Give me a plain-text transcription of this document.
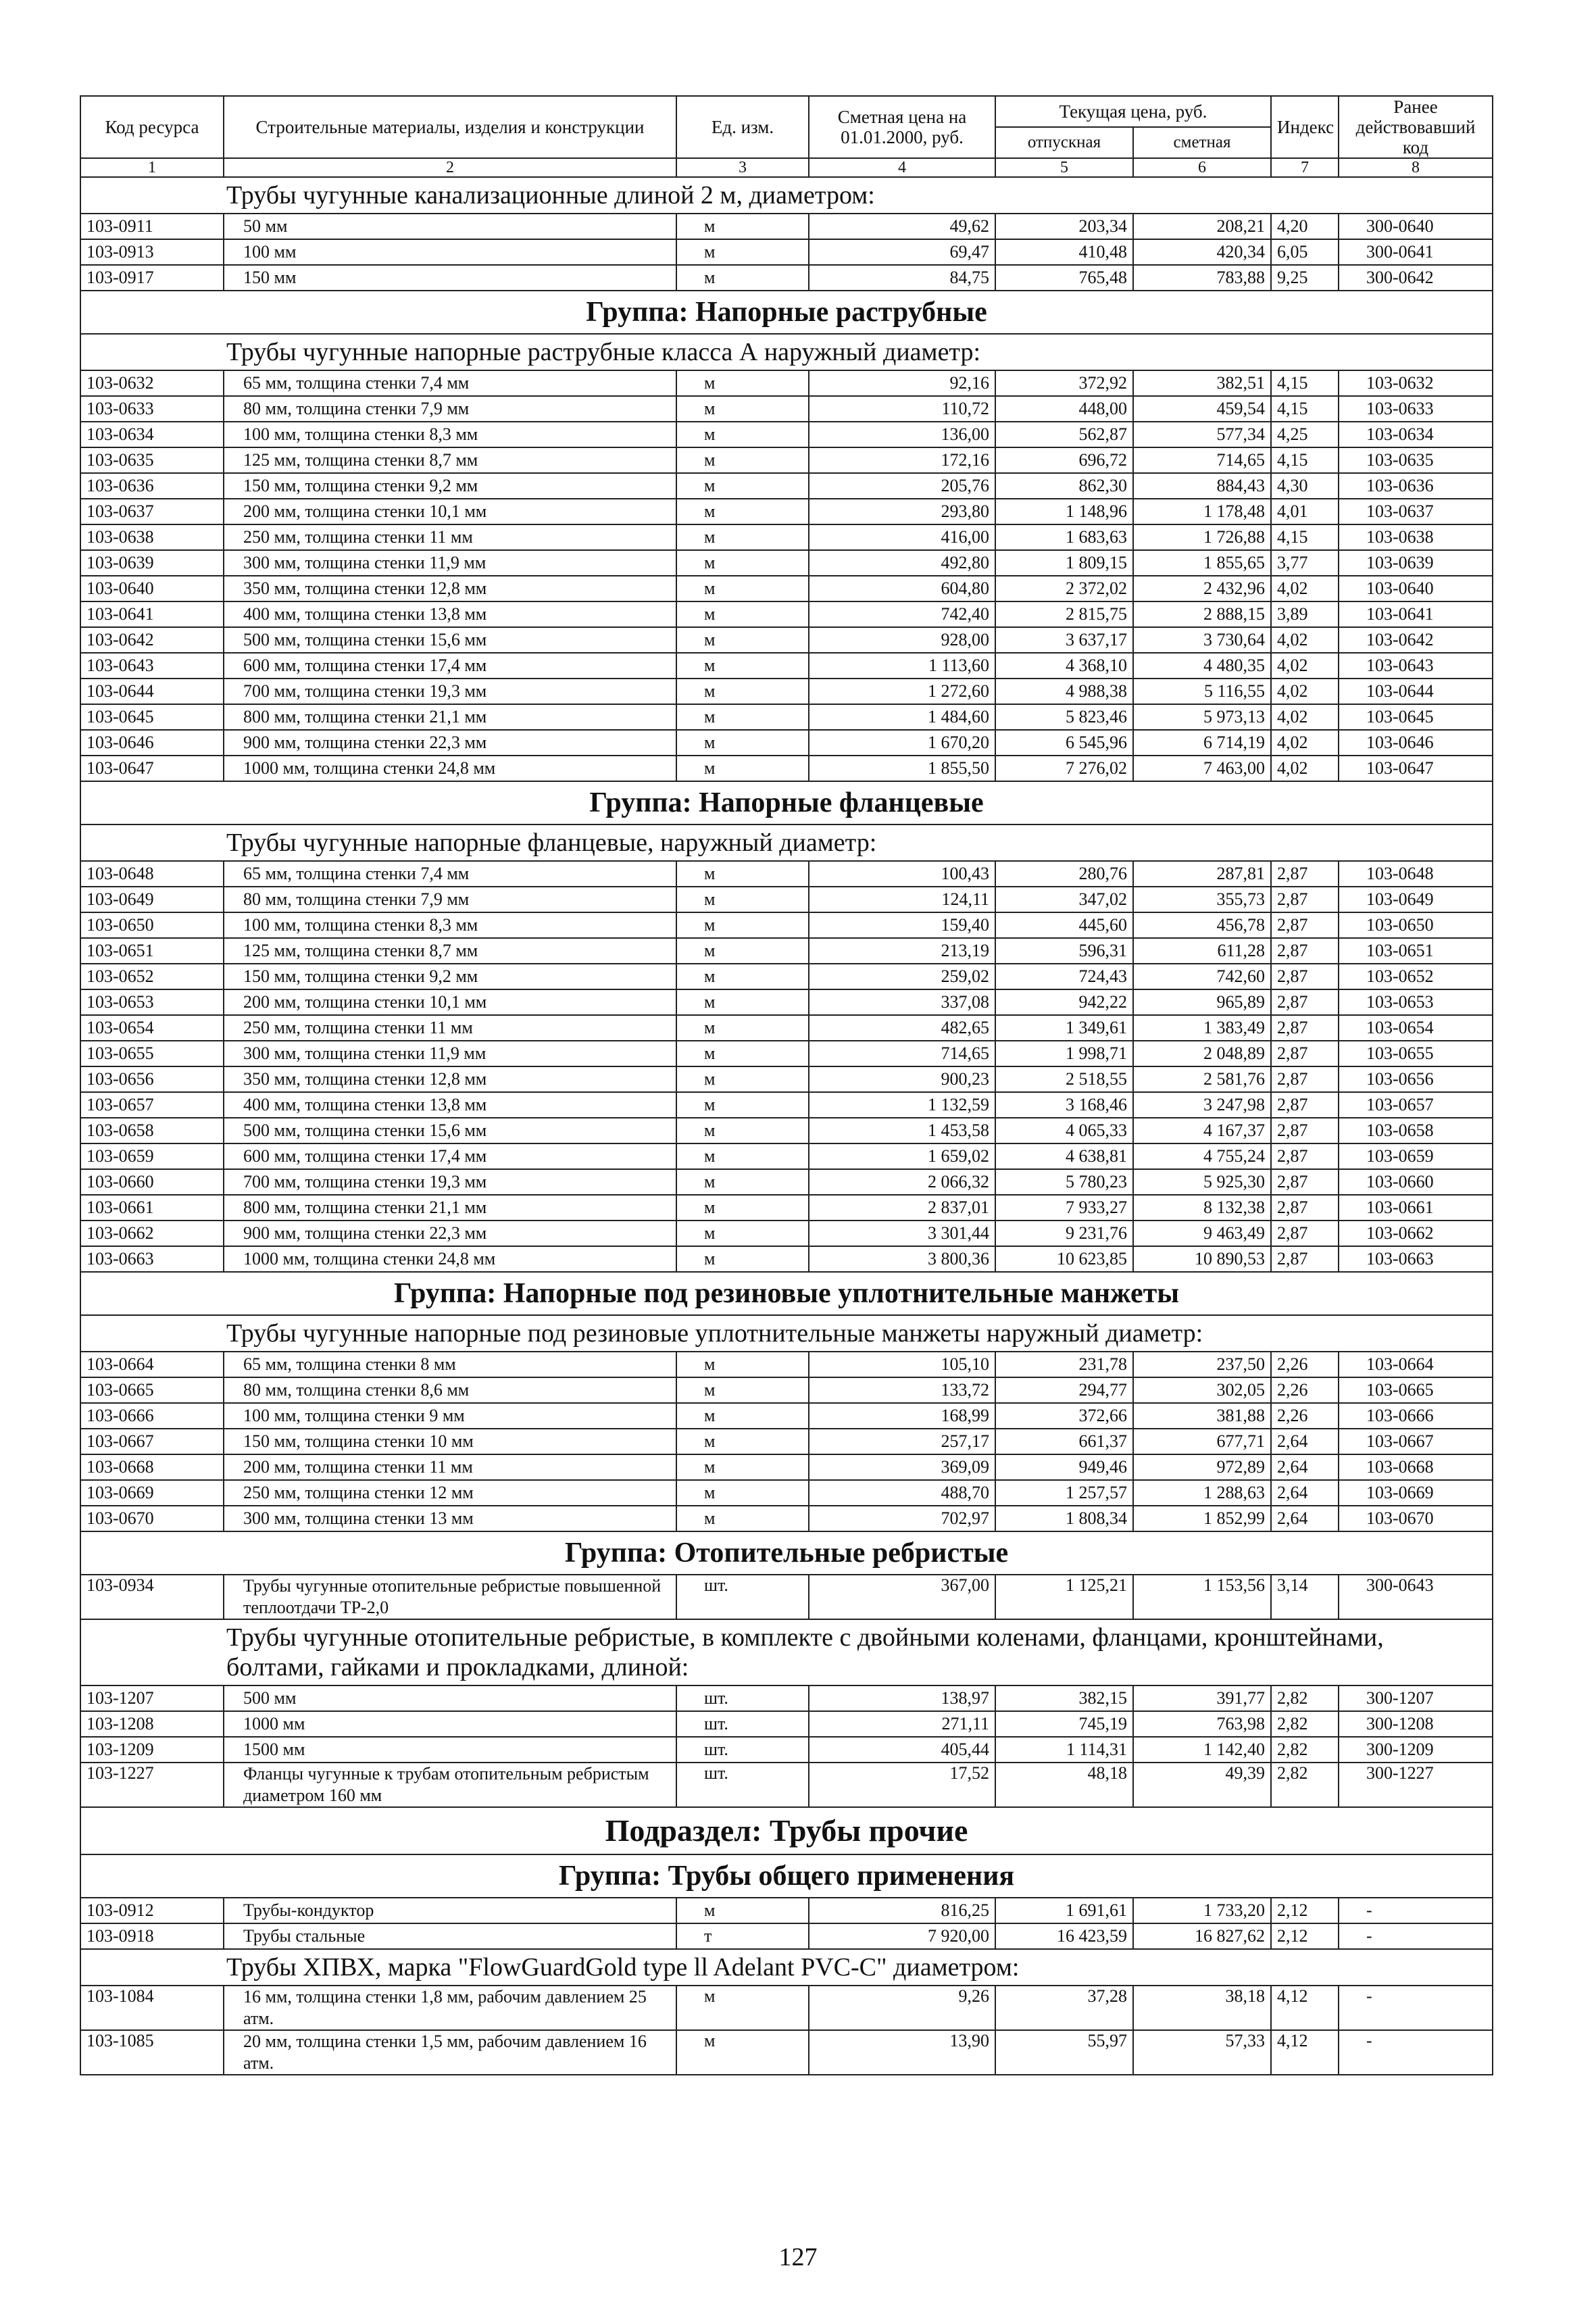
Код ресурса	Строительные материалы, изделия и конструкции	Ед. изм.	Сметная цена на 01.01.2000, руб.	Текущая цена, руб.		Индекс	Ранее действовавший код
				отпускная	сметная		
1	2	3	4	5	6	7	8
Трубы чугунные канализационные длиной 2 м, диаметром:							
103-0911	50 мм	м	49,62	203,34	208,21	4,20	300-0640
103-0913	100 мм	м	69,47	410,48	420,34	6,05	300-0641
103-0917	150 мм	м	84,75	765,48	783,88	9,25	300-0642
Группа: Напорные раструбные							
Трубы чугунные напорные раструбные класса А наружный диаметр:							
103-0632	65 мм, толщина стенки 7,4 мм	м	92,16	372,92	382,51	4,15	103-0632
103-0633	80 мм, толщина стенки 7,9 мм	м	110,72	448,00	459,54	4,15	103-0633
103-0634	100 мм, толщина стенки 8,3 мм	м	136,00	562,87	577,34	4,25	103-0634
103-0635	125 мм, толщина стенки 8,7 мм	м	172,16	696,72	714,65	4,15	103-0635
103-0636	150 мм, толщина стенки 9,2 мм	м	205,76	862,30	884,43	4,30	103-0636
103-0637	200 мм, толщина стенки 10,1 мм	м	293,80	1 148,96	1 178,48	4,01	103-0637
103-0638	250 мм, толщина стенки 11 мм	м	416,00	1 683,63	1 726,88	4,15	103-0638
103-0639	300 мм, толщина стенки 11,9 мм	м	492,80	1 809,15	1 855,65	3,77	103-0639
103-0640	350 мм, толщина стенки 12,8 мм	м	604,80	2 372,02	2 432,96	4,02	103-0640
103-0641	400 мм, толщина стенки 13,8 мм	м	742,40	2 815,75	2 888,15	3,89	103-0641
103-0642	500 мм, толщина стенки 15,6 мм	м	928,00	3 637,17	3 730,64	4,02	103-0642
103-0643	600 мм, толщина стенки 17,4 мм	м	1 113,60	4 368,10	4 480,35	4,02	103-0643
103-0644	700 мм, толщина стенки 19,3 мм	м	1 272,60	4 988,38	5 116,55	4,02	103-0644
103-0645	800 мм, толщина стенки 21,1 мм	м	1 484,60	5 823,46	5 973,13	4,02	103-0645
103-0646	900 мм, толщина стенки 22,3 мм	м	1 670,20	6 545,96	6 714,19	4,02	103-0646
103-0647	1000 мм, толщина стенки 24,8 мм	м	1 855,50	7 276,02	7 463,00	4,02	103-0647
Группа: Напорные фланцевые							
Трубы чугунные напорные фланцевые, наружный диаметр:							
103-0648	65 мм, толщина стенки 7,4 мм	м	100,43	280,76	287,81	2,87	103-0648
103-0649	80 мм, толщина стенки 7,9 мм	м	124,11	347,02	355,73	2,87	103-0649
103-0650	100 мм, толщина стенки 8,3 мм	м	159,40	445,60	456,78	2,87	103-0650
103-0651	125 мм, толщина стенки 8,7 мм	м	213,19	596,31	611,28	2,87	103-0651
103-0652	150 мм, толщина стенки 9,2 мм	м	259,02	724,43	742,60	2,87	103-0652
103-0653	200 мм, толщина стенки 10,1 мм	м	337,08	942,22	965,89	2,87	103-0653
103-0654	250 мм, толщина стенки 11 мм	м	482,65	1 349,61	1 383,49	2,87	103-0654
103-0655	300 мм, толщина стенки 11,9 мм	м	714,65	1 998,71	2 048,89	2,87	103-0655
103-0656	350 мм, толщина стенки 12,8 мм	м	900,23	2 518,55	2 581,76	2,87	103-0656
103-0657	400 мм, толщина стенки 13,8 мм	м	1 132,59	3 168,46	3 247,98	2,87	103-0657
103-0658	500 мм, толщина стенки 15,6 мм	м	1 453,58	4 065,33	4 167,37	2,87	103-0658
103-0659	600 мм, толщина стенки 17,4 мм	м	1 659,02	4 638,81	4 755,24	2,87	103-0659
103-0660	700 мм, толщина стенки 19,3 мм	м	2 066,32	5 780,23	5 925,30	2,87	103-0660
103-0661	800 мм, толщина стенки 21,1 мм	м	2 837,01	7 933,27	8 132,38	2,87	103-0661
103-0662	900 мм, толщина стенки 22,3 мм	м	3 301,44	9 231,76	9 463,49	2,87	103-0662
103-0663	1000 мм, толщина стенки 24,8 мм	м	3 800,36	10 623,85	10 890,53	2,87	103-0663
Группа: Напорные под резиновые уплотнительные манжеты							
Трубы чугунные напорные под резиновые уплотнительные манжеты наружный диаметр:							
103-0664	65 мм, толщина стенки 8 мм	м	105,10	231,78	237,50	2,26	103-0664
103-0665	80 мм, толщина стенки 8,6 мм	м	133,72	294,77	302,05	2,26	103-0665
103-0666	100 мм, толщина стенки 9 мм	м	168,99	372,66	381,88	2,26	103-0666
103-0667	150 мм, толщина стенки 10 мм	м	257,17	661,37	677,71	2,64	103-0667
103-0668	200 мм, толщина стенки 11 мм	м	369,09	949,46	972,89	2,64	103-0668
103-0669	250 мм, толщина стенки 12 мм	м	488,70	1 257,57	1 288,63	2,64	103-0669
103-0670	300 мм, толщина стенки 13 мм	м	702,97	1 808,34	1 852,99	2,64	103-0670
Группа: Отопительные ребристые							
103-0934	Трубы чугунные отопительные ребристые повышенной теплоотдачи ТР-2,0	шт.	367,00	1 125,21	1 153,56	3,14	300-0643
Трубы чугунные отопительные ребристые, в комплекте с двойными коленами, фланцами, кронштейнами, болтами, гайками и прокладками, длиной:							
103-1207	500 мм	шт.	138,97	382,15	391,77	2,82	300-1207
103-1208	1000 мм	шт.	271,11	745,19	763,98	2,82	300-1208
103-1209	1500 мм	шт.	405,44	1 114,31	1 142,40	2,82	300-1209
103-1227	Фланцы чугунные к трубам отопительным ребристым диаметром 160 мм	шт.	17,52	48,18	49,39	2,82	300-1227
Подраздел: Трубы прочие							
Группа: Трубы общего применения							
103-0912	Трубы-кондуктор	м	816,25	1 691,61	1 733,20	2,12	-
103-0918	Трубы стальные	т	7 920,00	16 423,59	16 827,62	2,12	-
Трубы ХПВХ, марка "FlowGuardGold type ll Adelant PVC-C" диаметром:							
103-1084	16 мм, толщина стенки 1,8 мм, рабочим давлением 25 атм.	м	9,26	37,28	38,18	4,12	-
103-1085	20 мм, толщина стенки 1,5 мм, рабочим давлением 16 атм.	м	13,90	55,97	57,33	4,12	-
127
